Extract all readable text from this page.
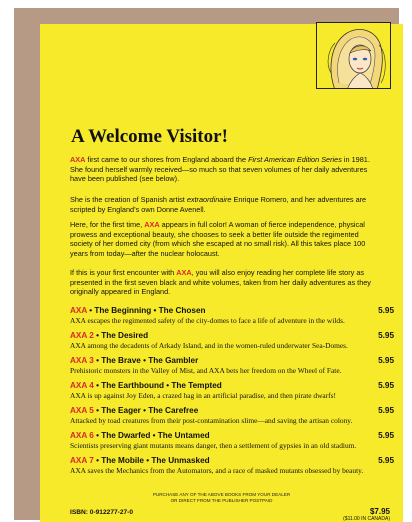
A Welcome Visitor!

AXA first came to our shores from England aboard the First American Edition Series in 1981. She found herself warmly received—so much so that seven volumes of her daily adventures have been published (see below).

She is the creation of Spanish artist extraordinaire Enrique Romero, and her adventures are scripted by England’s own Donne Avenell.

Here, for the first time, AXA appears in full color! A woman of fierce independence, physical prowess and exceptional beauty, she chooses to seek a better life outside the regimented society of her domed city (from which she escaped at no small risk). All this takes place 100 years from today—after the nuclear holocaust.

If this is your first encounter with AXA, you will also enjoy reading her complete life story as presented in the first seven black and white volumes, taken from her daily adventures as they originally appeared in England.

AXA • The Beginning • The Chosen	5.95
AXA escapes the regimented safety of the city-domes to face a life of adventure in the wilds.
AXA 2 • The Desired	5.95
AXA among the decadents of Arkady Island, and in the women-ruled underwater Sea-Domes.
AXA 3 • The Brave • The Gambler	5.95
Prehistoric monsters in the Valley of Mist, and AXA bets her freedom on the Wheel of Fate.
AXA 4 • The Earthbound • The Tempted	5.95
AXA is up against Joy Eden, a crazed hag in an artificial paradise, and then pirate dwarfs!
AXA 5 • The Eager • The Carefree	5.95
Attacked by toad creatures from their post-contamination slime—and saving the artisan colony.
AXA 6 • The Dwarfed • The Untamed	5.95
Scientists preserving giant mutants means danger, then a settlement of gypsies in an old stadium.
AXA 7 • The Mobile • The Unmasked	5.95
AXA saves the Mechanics from the Automators, and a race of masked mutants obsessed by beauty.
PURCHASE ANY OF THE ABOVE BOOKS FROM YOUR DEALER
OR DIRECT FROM THE PUBLISHER POSTPAID
ISBN: 0-912277-27-0	$7.95
($11.00 IN CANADA)
